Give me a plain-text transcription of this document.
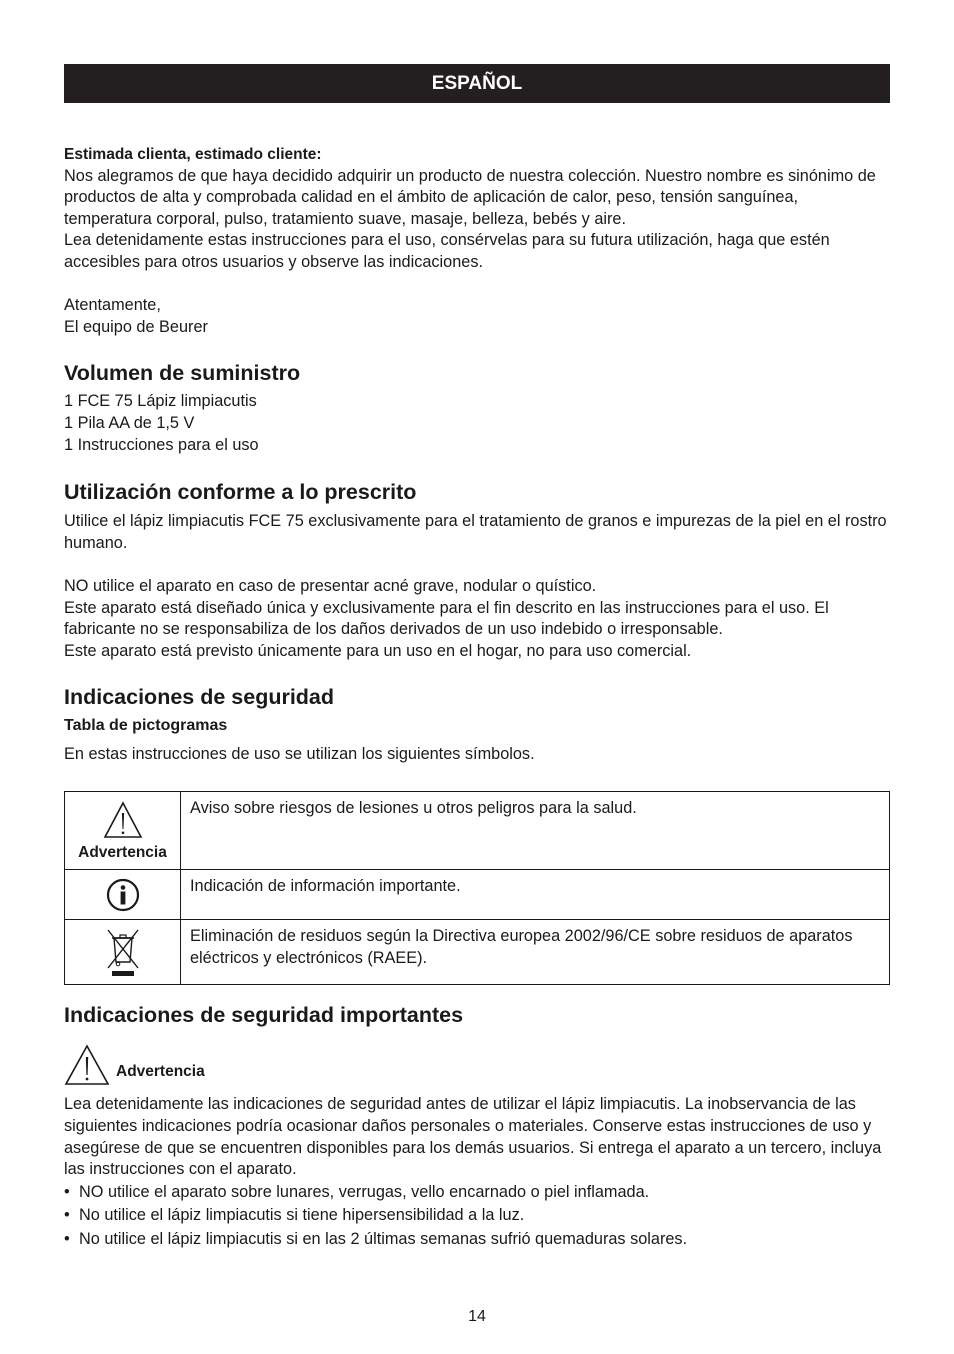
ESPAÑOL
Estimada clienta, estimado cliente:

Nos alegramos de que haya decidido adquirir un producto de nuestra colección. Nuestro nombre es sinónimo de productos de alta y comprobada calidad en el ámbito de aplicación de calor, peso, tensión sanguínea, temperatura corporal, pulso, tratamiento suave, masaje, belleza, bebés y aire.

Lea detenidamente estas instrucciones para el uso, consérvelas para su futura utilización, haga que estén accesibles para otros usuarios y observe las indicaciones.

Atentamente,

El equipo de Beurer

Volumen de suministro

1 FCE 75 Lápiz limpiacutis

1 Pila AA de 1,5 V

1 Instrucciones para el uso

Utilización conforme a lo prescrito

Utilice el lápiz limpiacutis FCE 75 exclusivamente para el tratamiento de granos e impurezas de la piel en el rostro humano.

NO utilice el aparato en caso de presentar acné grave, nodular o quístico.

Este aparato está diseñado única y exclusivamente para el fin descrito en las instrucciones para el uso. El fabricante no se responsabiliza de los daños derivados de un uso indebido o irresponsable.

Este aparato está previsto únicamente para un uso en el hogar, no para uso comercial.

Indicaciones de seguridad
Tabla de pictogramas

En estas instrucciones de uso se utilizan los siguientes símbolos.

Advertencia	Aviso sobre riesgos de lesiones u otros peligros para la salud.

	Indicación de información importante.

	Eliminación de residuos según la Directiva europea 2002/96/CE sobre residuos de aparatos eléctricos y electrónicos (RAEE).
Indicaciones de seguridad importantes
Advertencia

Lea detenidamente las indicaciones de seguridad antes de utilizar el lápiz limpiacutis. La inobservancia de las siguientes indicaciones podría ocasionar daños personales o materiales. Conserve estas instrucciones de uso y asegúrese de que se encuentren disponibles para los demás usuarios. Si entrega el aparato a un tercero, incluya las instrucciones con el aparato.

• NO utilice el aparato sobre lunares, verrugas, vello encarnado o piel inflamada.
• No utilice el lápiz limpiacutis si tiene hipersensibilidad a la luz.
• No utilice el lápiz limpiacutis si en las 2 últimas semanas sufrió quemaduras solares.
14
